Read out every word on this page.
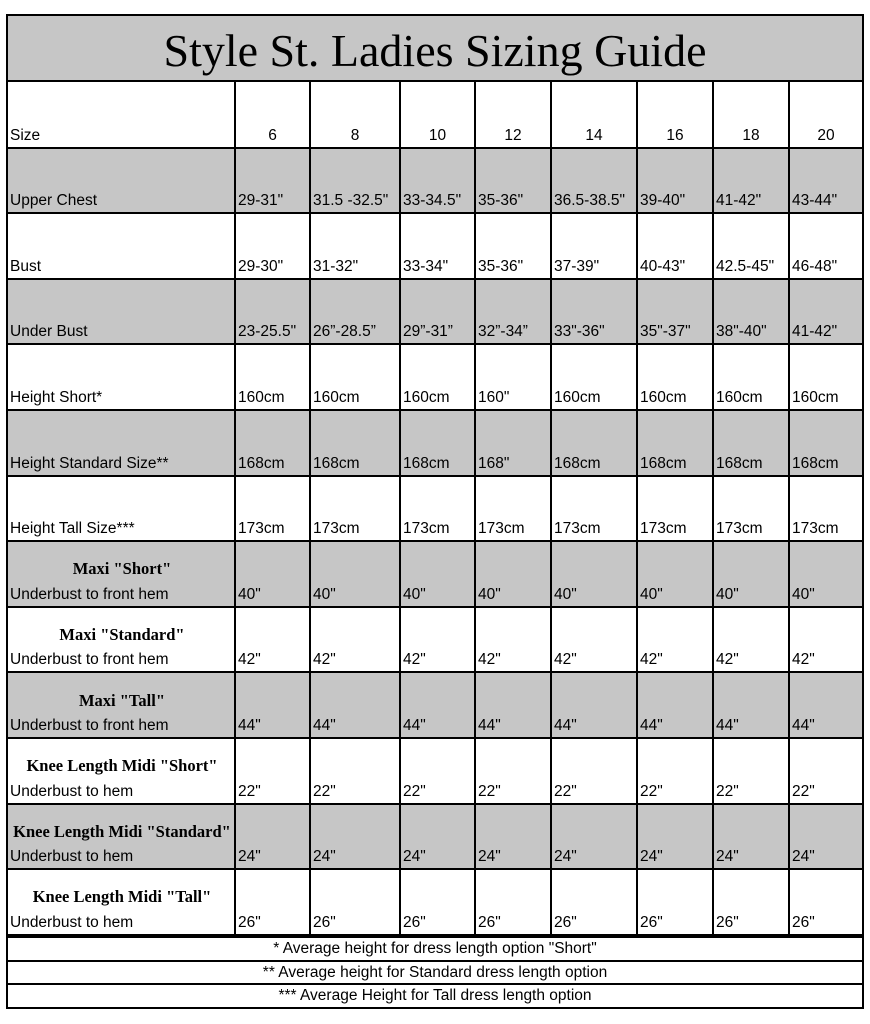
Style St. Ladies Sizing Guide
Size	6	8	10	12	14	16	18	20
Upper Chest	29-31"	31.5 -32.5"	33-34.5"	35-36"	36.5-38.5"	39-40"	41-42"	43-44"
Bust	29-30"	31-32"	33-34"	35-36"	37-39"	40-43"	42.5-45"	46-48"
Under Bust	23-25.5"	26”-28.5”	29”-31”	32”-34”	33"-36"	35"-37"	38"-40"	41-42"
Height Short*	160cm	160cm	160cm	160"	160cm	160cm	160cm	160cm
Height Standard Size**	168cm	168cm	168cm	168"	168cm	168cm	168cm	168cm
Height Tall Size***	173cm	173cm	173cm	173cm	173cm	173cm	173cm	173cm

Maxi "Short"
Underbust to front hem	40"	40"	40"	40"	40"	40"	40"	40"

Maxi "Standard"
Underbust to front hem	42"	42"	42"	42"	42"	42"	42"	42"

Maxi "Tall"
Underbust to front hem	44"	44"	44"	44"	44"	44"	44"	44"

Knee Length Midi "Short"
Underbust to hem	22"	22"	22"	22"	22"	22"	22"	22"

Knee Length Midi "Standard"
Underbust to hem	24"	24"	24"	24"	24"	24"	24"	24"

Knee Length Midi "Tall"
Underbust to hem	26"	26"	26"	26"	26"	26"	26"	26"
* Average height for dress length option "Short"
** Average height for Standard dress length option
*** Average Height for Tall dress length option
